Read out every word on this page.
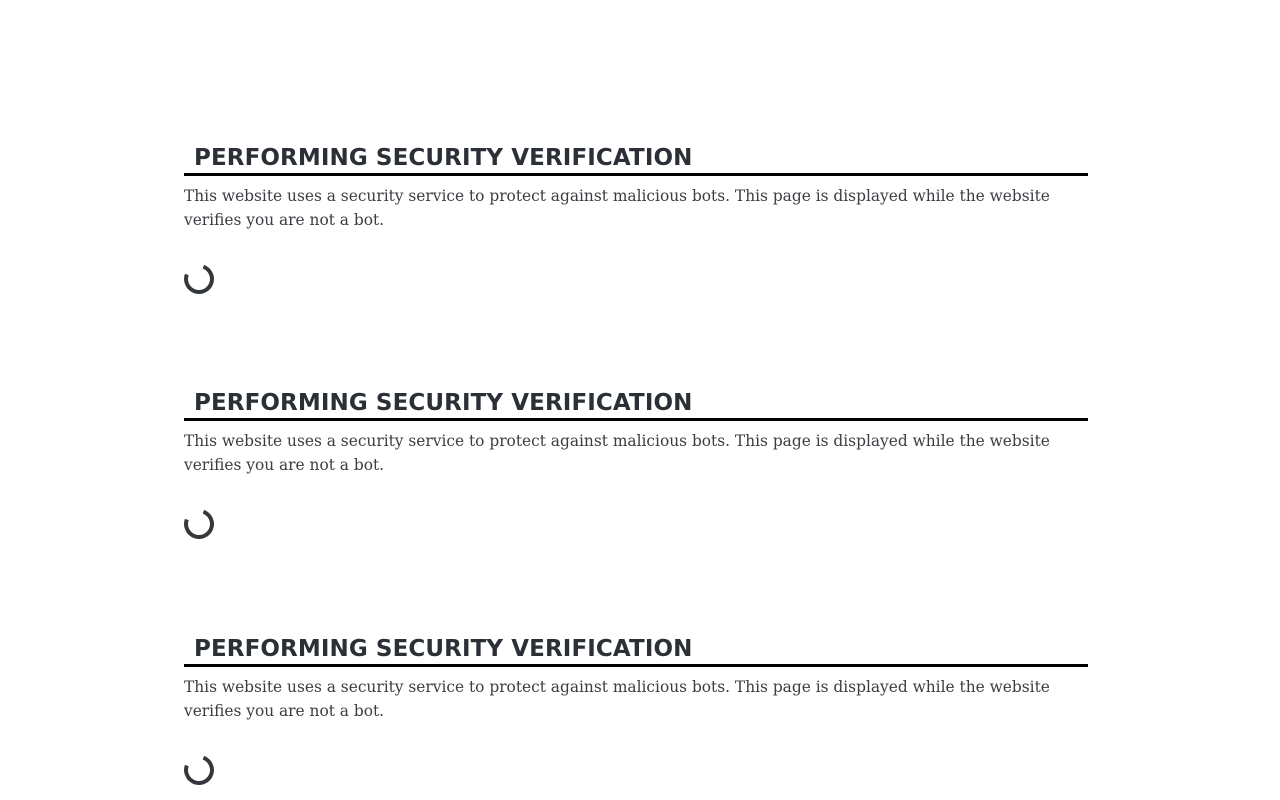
PERFORMING SECURITY VERIFICATION

This website uses a security service to protect against malicious bots. This page is displayed while the website verifies you are not a bot.

PERFORMING SECURITY VERIFICATION

This website uses a security service to protect against malicious bots. This page is displayed while the website verifies you are not a bot.

PERFORMING SECURITY VERIFICATION

This website uses a security service to protect against malicious bots. This page is displayed while the website verifies you are not a bot.
